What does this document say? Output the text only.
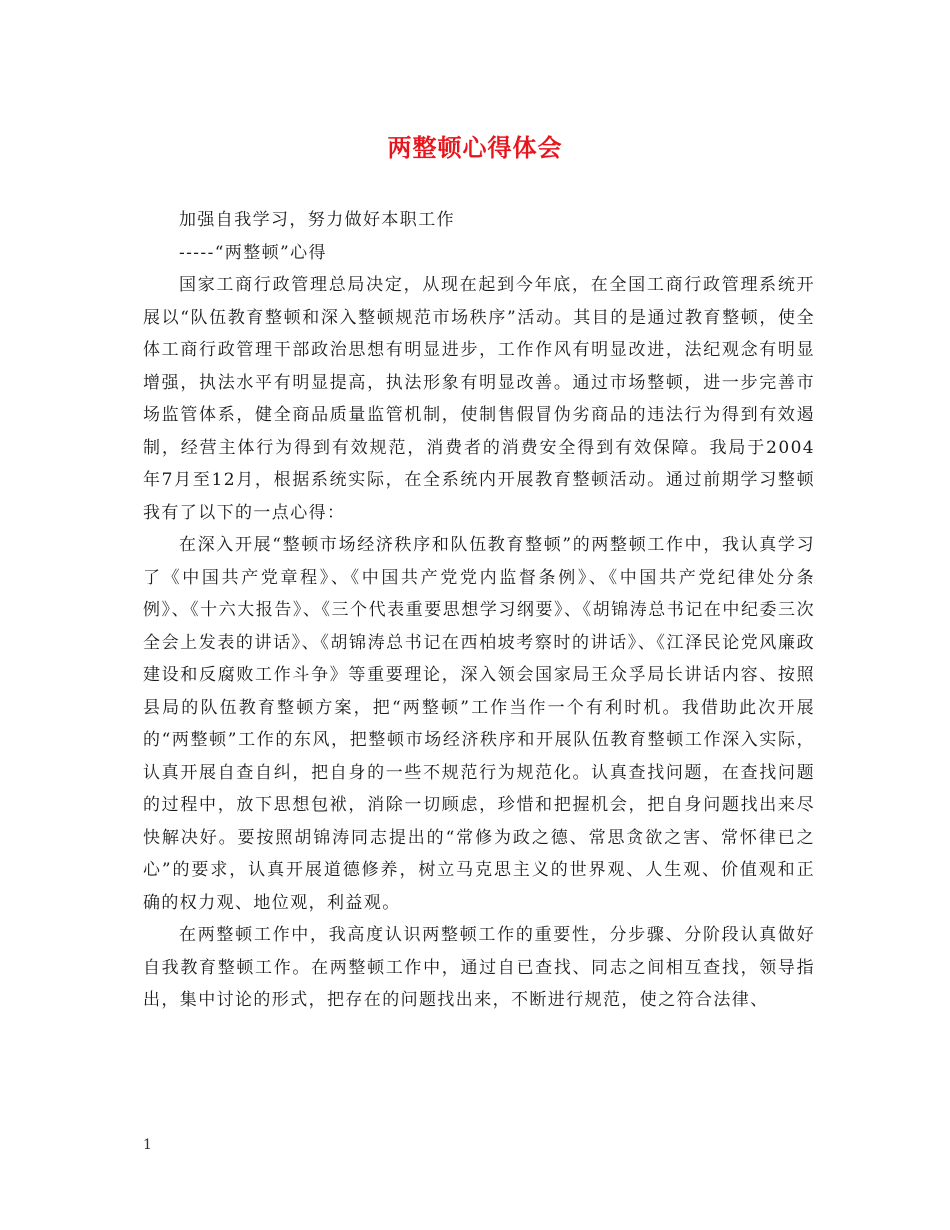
两整顿心得体会

加强自我学习，努力做好本职工作

-----“两整顿”心得

国家工商行政管理总局决定，从现在起到今年底，在全国工商行政管理系统开展以“队伍教育整顿和深入整顿规范市场秩序”活动。其目的是通过教育整顿，使全体工商行政管理干部政治思想有明显进步，工作作风有明显改进，法纪观念有明显增强，执法水平有明显提高，执法形象有明显改善。通过市场整顿，进一步完善市场监管体系，健全商品质量监管机制，使制售假冒伪劣商品的违法行为得到有效遏制，经营主体行为得到有效规范，消费者的消费安全得到有效保障。我局于2004年7月至12月，根据系统实际，在全系统内开展教育整顿活动。通过前期学习整顿我有了以下的一点心得：

在深入开展“整顿市场经济秩序和队伍教育整顿”的两整顿工作中，我认真学习了《中国共产党章程》、《中国共产党党内监督条例》、《中国共产党纪律处分条例》、《十六大报告》、《三个代表重要思想学习纲要》、《胡锦涛总书记在中纪委三次全会上发表的讲话》、《胡锦涛总书记在西柏坡考察时的讲话》、《江泽民论党风廉政建设和反腐败工作斗争》等重要理论，深入领会国家局王众孚局长讲话内容、按照县局的队伍教育整顿方案，把“两整顿”工作当作一个有利时机。我借助此次开展的“两整顿”工作的东风，把整顿市场经济秩序和开展队伍教育整顿工作深入实际，认真开展自查自纠，把自身的一些不规范行为规范化。认真查找问题，在查找问题的过程中，放下思想包袱，消除一切顾虑，珍惜和把握机会，把自身问题找出来尽快解决好。要按照胡锦涛同志提出的“常修为政之德、常思贪欲之害、常怀律已之心”的要求，认真开展道德修养，树立马克思主义的世界观、人生观、价值观和正确的权力观、地位观，利益观。

在两整顿工作中，我高度认识两整顿工作的重要性，分步骤、分阶段认真做好自我教育整顿工作。在两整顿工作中，通过自已查找、同志之间相互查找，领导指出，集中讨论的形式，把存在的问题找出来，不断进行规范，使之符合法律、

1
